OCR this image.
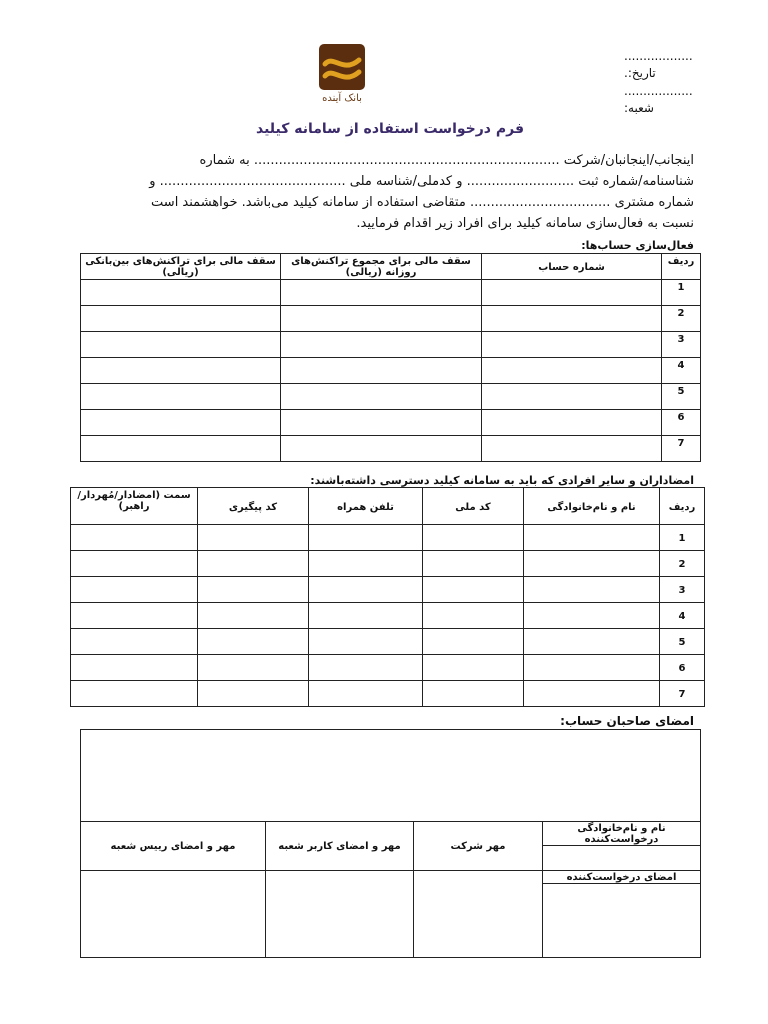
..................
تاریخ:.
..................
شعبه:
بانک آینده
فرم درخواست استفاده از سامانه کیلید
اینجانب/اینجانبان/شرکت .......................................................................... به شماره
شناسنامه/شماره ثبت .......................... و کدملی/شناسه ملی ............................................. و
شماره مشتری .................................. متقاضی استفاده از سامانه کیلید می‌باشد. خواهشمند است
نسبت به فعال‌سازی سامانه کیلید برای افراد زیر اقدام فرمایید.
فعال‌سازی حساب‌ها:
ردیف	شماره حساب	سقف مالی برای مجموع تراکنش‌های روزانه (ریالی)	سقف مالی برای تراکنش‌های بین‌بانکی (ریالی)
1			
2			
3			
4			
5			
6			
7			
امضاداران و سایر افرادی که باید به سامانه کیلید دسترسی داشته‌باشند:
ردیف	نام و نام‌خانوادگی	کد ملی	تلفن همراه	کد پیگیری	سمت (امضادار/مُهردار/راهبر)
1					
2					
3					
4					
5					
6					
7					
امضای صاحبان حساب:

نام و نام‌خانوادگی درخواست‌کننده	مهر شرکت	مهر و امضای کاربر شعبه	مهر و امضای رییس شعبه

امضای درخواست‌کننده			
